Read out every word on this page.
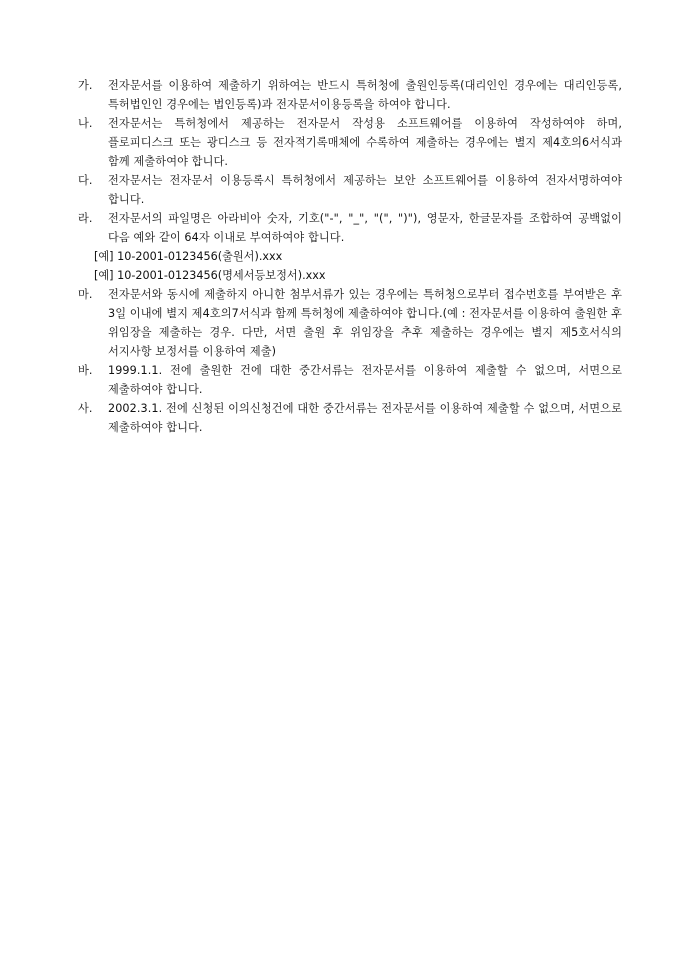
가. 전자문서를 이용하여 제출하기 위하여는 반드시 특허청에 출원인등록(대리인인 경우에는 대리인등록, 특허법인인 경우에는 법인등록)과 전자문서이용등록을 하여야 합니다.
나. 전자문서는 특허청에서 제공하는 전자문서 작성용 소프트웨어를 이용하여 작성하여야 하며, 플로피디스크 또는 광디스크 등 전자적기록매체에 수록하여 제출하는 경우에는 별지 제4호의6서식과 함께 제출하여야 합니다.
다. 전자문서는 전자문서 이용등록시 특허청에서 제공하는 보안 소프트웨어를 이용하여 전자서명하여야 합니다.
라. 전자문서의 파일명은 아라비아 숫자, 기호("-", "_", "(", ")"), 영문자, 한글문자를 조합하여 공백없이 다음 예와 같이 64자 이내로 부여하여야 합니다.
[예] 10-2001-0123456(출원서).xxx
[예] 10-2001-0123456(명세서등보정서).xxx
마. 전자문서와 동시에 제출하지 아니한 첨부서류가 있는 경우에는 특허청으로부터 접수번호를 부여받은 후 3일 이내에 별지 제4호의7서식과 함께 특허청에 제출하여야 합니다.(예 : 전자문서를 이용하여 출원한 후 위임장을 제출하는 경우. 다만, 서면 출원 후 위임장을 추후 제출하는 경우에는 별지 제5호서식의 서지사항 보정서를 이용하여 제출)
바. 1999.1.1. 전에 출원한 건에 대한 중간서류는 전자문서를 이용하여 제출할 수 없으며, 서면으로 제출하여야 합니다.
사. 2002.3.1. 전에 신청된 이의신청건에 대한 중간서류는 전자문서를 이용하여 제출할 수 없으며, 서면으로 제출하여야 합니다.
